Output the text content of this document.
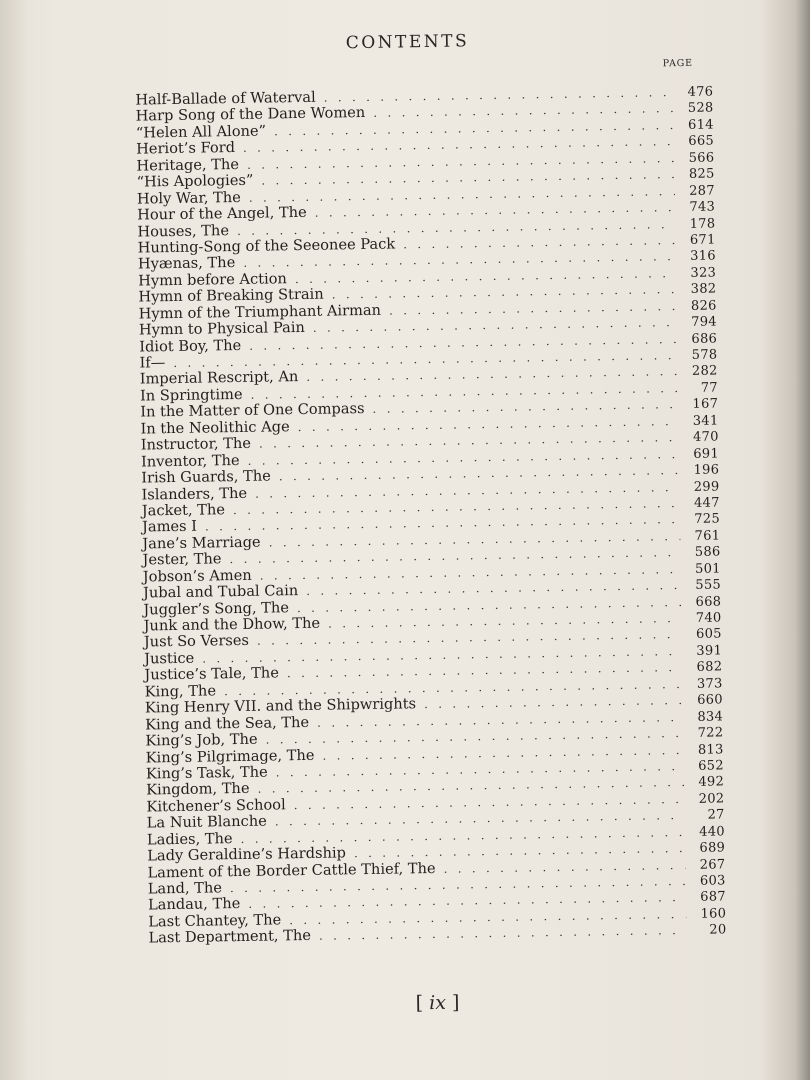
CONTENTS
PAGE
Half-Ballade of Waterval . . .	476
Harp Song of the Dane Women . . .	528
“Helen All Alone” . . .	614
Heriot’s Ford . . .	665
Heritage, The . . .	566
“His Apologies” . . .	825
Holy War, The . . .	287
Hour of the Angel, The . . .	743
Houses, The . . .	178
Hunting-Song of the Seeonee Pack . . .	671
Hyænas, The . . .	316
Hymn before Action . . .	323
Hymn of Breaking Strain . . .	382
Hymn of the Triumphant Airman . . .	826
Hymn to Physical Pain . . .	794
Idiot Boy, The . . .	686
If— . . .	578
Imperial Rescript, An . . .	282
In Springtime . . .	77
In the Matter of One Compass . . .	167
In the Neolithic Age . . .	341
Instructor, The . . .	470
Inventor, The . . .	691
Irish Guards, The . . .	196
Islanders, The . . .	299
Jacket, The . . .	447
James I . . .	725
Jane’s Marriage . . .	761
Jester, The . . .	586
Jobson’s Amen . . .	501
Jubal and Tubal Cain . . .	555
Juggler’s Song, The . . .	668
Junk and the Dhow, The . . .	740
Just So Verses . . .	605
Justice . . .	391
Justice’s Tale, The . . .	682
King, The . . .	373
King Henry VII. and the Shipwrights . . .	660
King and the Sea, The . . .	834
King’s Job, The . . .	722
King’s Pilgrimage, The . . .	813
King’s Task, The . . .	652
Kingdom, The . . .	492
Kitchener’s School . . .	202
La Nuit Blanche . . .	27
Ladies, The . . .	440
Lady Geraldine’s Hardship . . .	689
Lament of the Border Cattle Thief, The . . .	267
Land, The . . .	603
Landau, The . . .	687
Last Chantey, The . . .	160
Last Department, The . . .	20
[ ix ]
